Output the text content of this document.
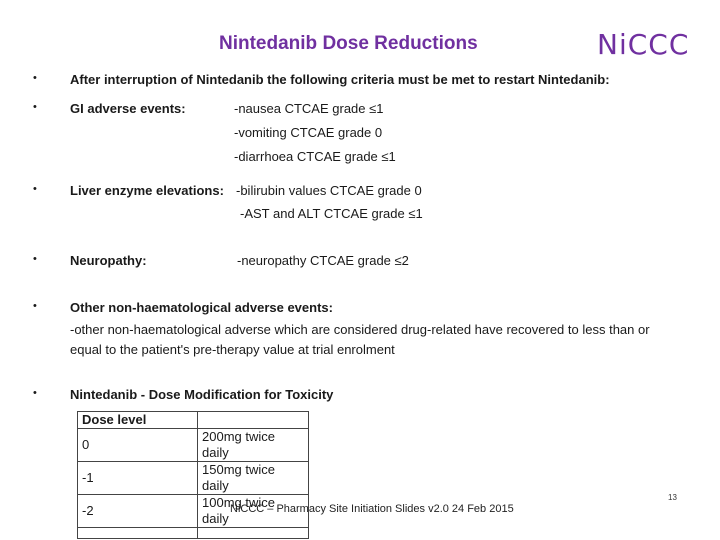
Nintedanib Dose Reductions	NiCCC
•	After interruption of Nintedanib the following criteria must be met to restart Nintedanib:
•	GI adverse events:	-nausea CTCAE grade ≤1
-vomiting CTCAE grade 0
-diarrhoea CTCAE grade ≤1
•	Liver enzyme elevations: -bilirubin values CTCAE grade 0
-AST and ALT CTCAE grade ≤1
•	Neuropathy:	-neuropathy CTCAE grade ≤2
•	Other non-haematological adverse events:
-other non-haematological adverse which are considered drug-related have recovered to less than or equal to the patient's pre-therapy value at trial enrolment
•	Nintedanib - Dose Modification for Toxicity
Dose level	
0	200mg twice daily
-1	150mg twice daily
-2	100mg twice daily

NiCCC – Pharmacy Site Initiation Slides v2.0 24 Feb 2015
13
